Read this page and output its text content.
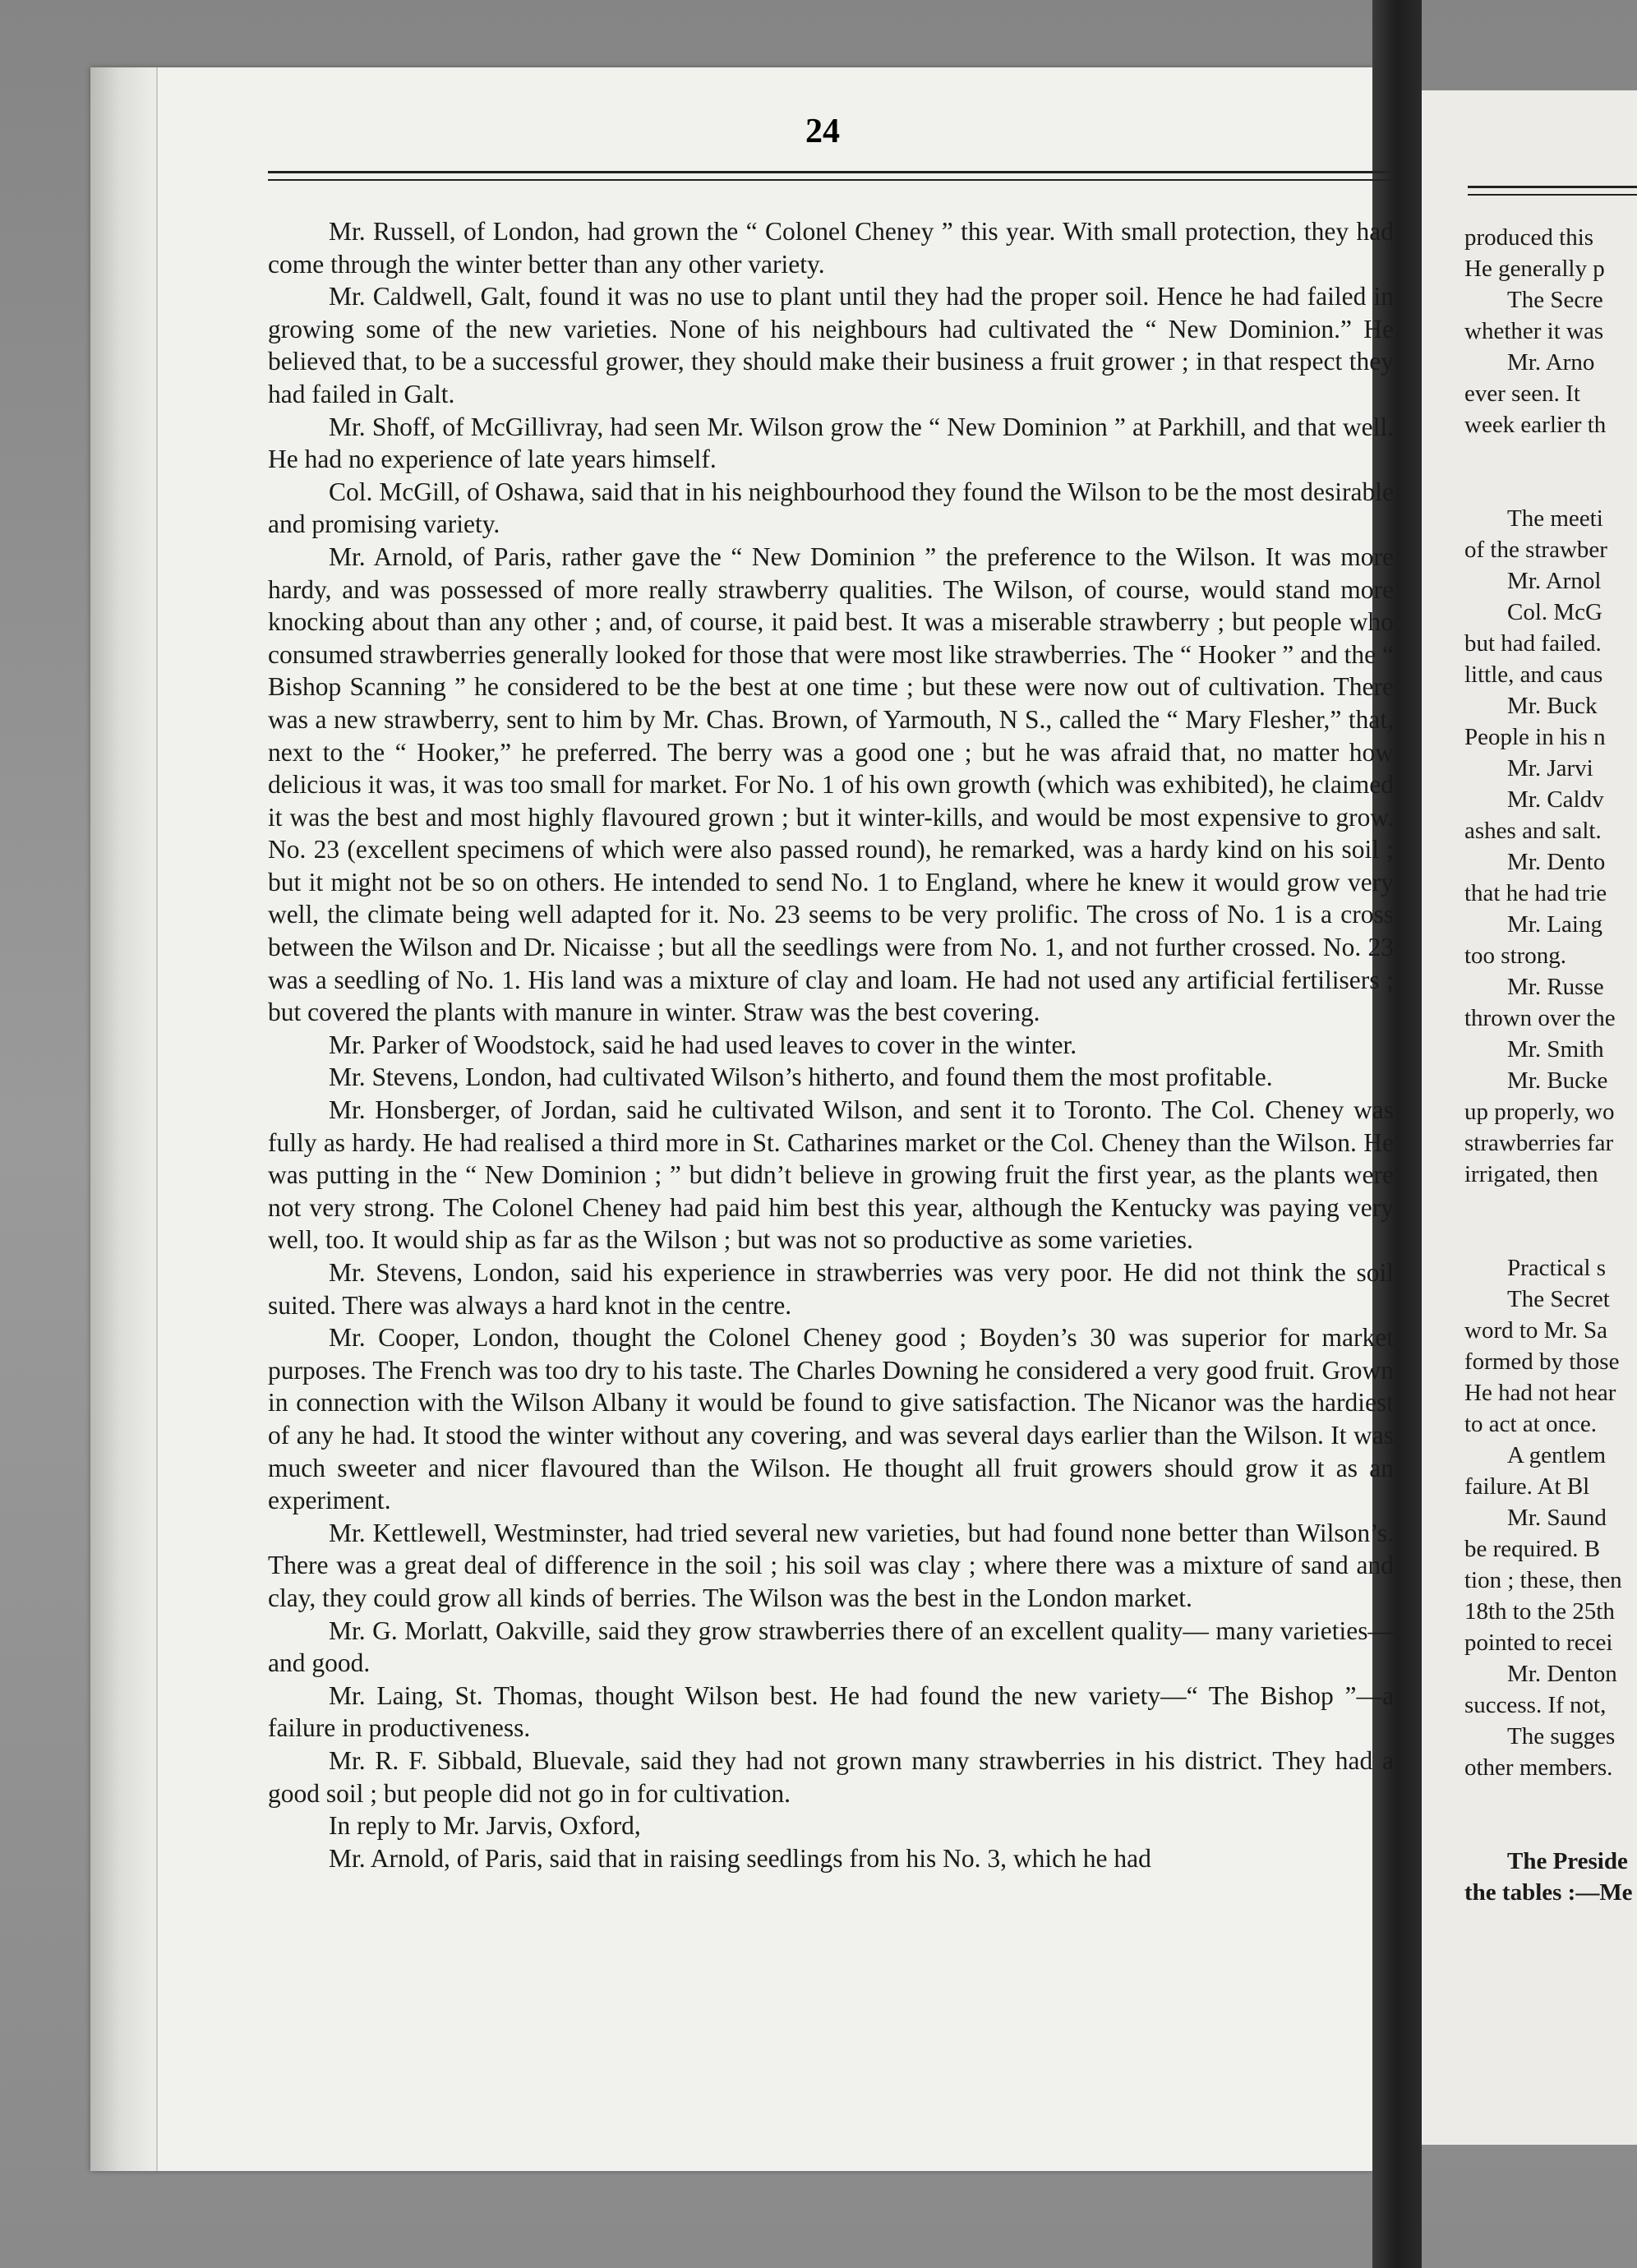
24

Mr. Russell, of London, had grown the “ Colonel Cheney ” this year. With small protection, they had come through the winter better than any other variety.

Mr. Caldwell, Galt, found it was no use to plant until they had the proper soil. Hence he had failed in growing some of the new varieties. None of his neighbours had cultivated the “ New Dominion.” He believed that, to be a successful grower, they should make their business a fruit grower ; in that respect they had failed in Galt.

Mr. Shoff, of McGillivray, had seen Mr. Wilson grow the “ New Dominion ” at Parkhill, and that well. He had no experience of late years himself.

Col. McGill, of Oshawa, said that in his neighbourhood they found the Wilson to be the most desirable and promising variety.

Mr. Arnold, of Paris, rather gave the “ New Dominion ” the preference to the Wilson. It was more hardy, and was possessed of more really strawberry qualities. The Wilson, of course, would stand more knocking about than any other ; and, of course, it paid best. It was a miserable strawberry ; but people who consumed strawberries generally looked for those that were most like strawberries. The “ Hooker ” and the “ Bishop Scanning ” he considered to be the best at one time ; but these were now out of cultivation. There was a new strawberry, sent to him by Mr. Chas. Brown, of Yarmouth, N S., called the “ Mary Flesher,” that, next to the “ Hooker,” he preferred. The berry was a good one ; but he was afraid that, no matter how delicious it was, it was too small for market. For No. 1 of his own growth (which was exhibited), he claimed it was the best and most highly flavoured grown ; but it winter-kills, and would be most expensive to grow. No. 23 (excellent specimens of which were also passed round), he remarked, was a hardy kind on his soil ; but it might not be so on others. He intended to send No. 1 to England, where he knew it would grow very well, the climate being well adapted for it. No. 23 seems to be very prolific. The cross of No. 1 is a cross between the Wilson and Dr. Nicaisse ; but all the seedlings were from No. 1, and not further crossed. No. 23 was a seedling of No. 1. His land was a mixture of clay and loam. He had not used any artificial fertilisers ; but covered the plants with manure in winter. Straw was the best covering.

Mr. Parker of Woodstock, said he had used leaves to cover in the winter.

Mr. Stevens, London, had cultivated Wilson’s hitherto, and found them the most profitable.

Mr. Honsberger, of Jordan, said he cultivated Wilson, and sent it to Toronto. The Col. Cheney was fully as hardy. He had realised a third more in St. Catharines market or the Col. Cheney than the Wilson. He was putting in the “ New Dominion ; ” but didn’t believe in growing fruit the first year, as the plants were not very strong. The Colonel Cheney had paid him best this year, although the Kentucky was paying very well, too. It would ship as far as the Wilson ; but was not so productive as some varieties.

Mr. Stevens, London, said his experience in strawberries was very poor. He did not think the soil suited. There was always a hard knot in the centre.

Mr. Cooper, London, thought the Colonel Cheney good ; Boyden’s 30 was superior for market purposes. The French was too dry to his taste. The Charles Downing he considered a very good fruit. Grown in connection with the Wilson Albany it would be found to give satisfaction. The Nicanor was the hardiest of any he had. It stood the winter without any covering, and was several days earlier than the Wilson. It was much sweeter and nicer flavoured than the Wilson. He thought all fruit growers should grow it as an experiment.

Mr. Kettlewell, Westminster, had tried several new varieties, but had found none better than Wilson’s. There was a great deal of difference in the soil ; his soil was clay ; where there was a mixture of sand and clay, they could grow all kinds of berries. The Wilson was the best in the London market.

Mr. G. Morlatt, Oakville, said they grow strawberries there of an excellent quality— many varieties—and good.

Mr. Laing, St. Thomas, thought Wilson best. He had found the new variety—“ The Bishop ”—a failure in productiveness.

Mr. R. F. Sibbald, Bluevale, said they had not grown many strawberries in his district. They had a good soil ; but people did not go in for cultivation.

In reply to Mr. Jarvis, Oxford,

Mr. Arnold, of Paris, said that in raising seedlings from his No. 3, which he had

produced this
He generally p
The Secre
whether it was
Mr. Arno
ever seen. It
week earlier th
The meeti
of the strawber
Mr. Arnol
Col. McG
but had failed.
little, and caus
Mr. Buck
People in his n
Mr. Jarvi
Mr. Caldv
ashes and salt.
Mr. Dento
that he had trie
Mr. Laing
too strong.
Mr. Russe
thrown over the
Mr. Smith
Mr. Bucke
up properly, wo
strawberries far
irrigated, then
Practical s
The Secret
word to Mr. Sa
formed by those
He had not hear
to act at once.
A gentlem
failure. At Bl
Mr. Saund
be required. B
tion ; these, then
18th to the 25th
pointed to recei
Mr. Denton
success. If not,
The sugges
other members.
The Preside
the tables :—Me
